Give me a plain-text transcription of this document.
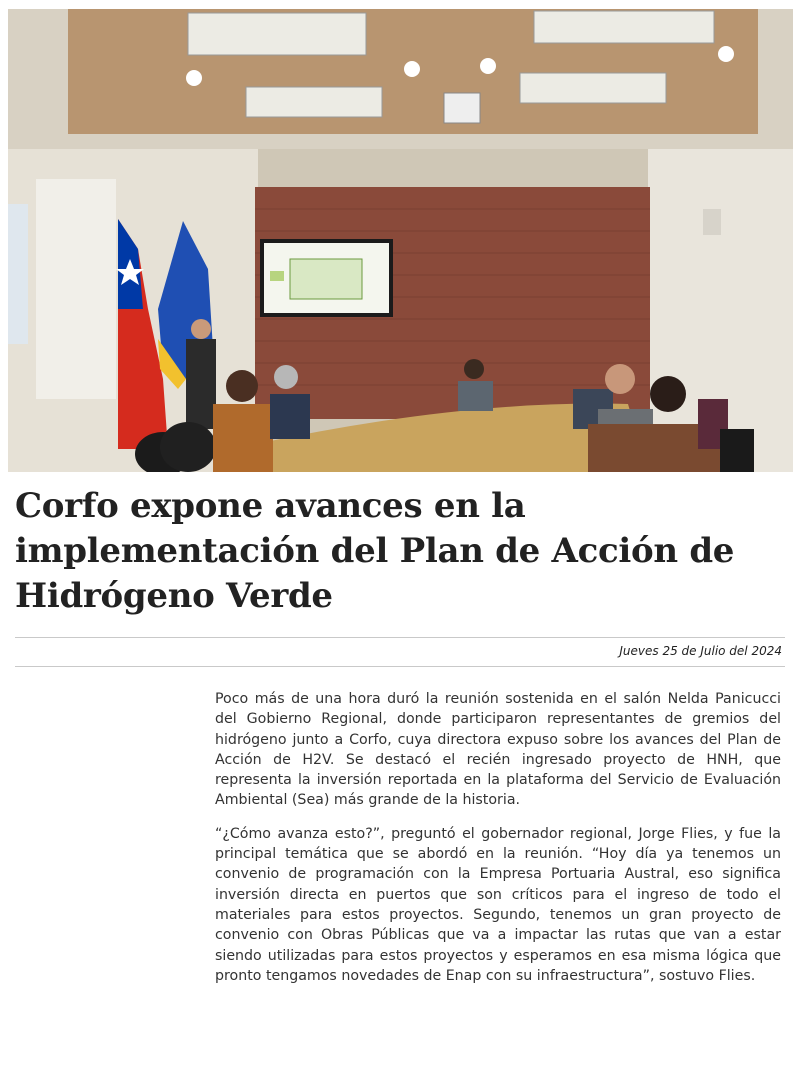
Corfo expone avances en la implementación del Plan de Acción de Hidrógeno Verde
Jueves 25 de Julio del 2024

Poco más de una hora duró la reunión sostenida en el salón Nelda Panicucci del Gobierno Regional, donde participaron representantes de gremios del hidrógeno junto a Corfo, cuya directora expuso sobre los avances del Plan de Acción de H2V. Se destacó el recién ingresado proyecto de HNH, que representa la inversión reportada en la plataforma del Servicio de Evaluación Ambiental (Sea) más grande de la historia.

“¿Cómo avanza esto?”, preguntó el gobernador regional, Jorge Flies, y fue la principal temática que se abordó en la reunión. “Hoy día ya tenemos un convenio de programación con la Empresa Portuaria Austral, eso significa inversión directa en puertos que son críticos para el ingreso de todo el materiales para estos proyectos. Segundo, tenemos un gran proyecto de convenio con Obras Públicas que va a impactar las rutas que van a estar siendo utilizadas para estos proyectos y esperamos en esa misma lógica que pronto tengamos novedades de Enap con su infraestructura”, sostuvo Flies.
